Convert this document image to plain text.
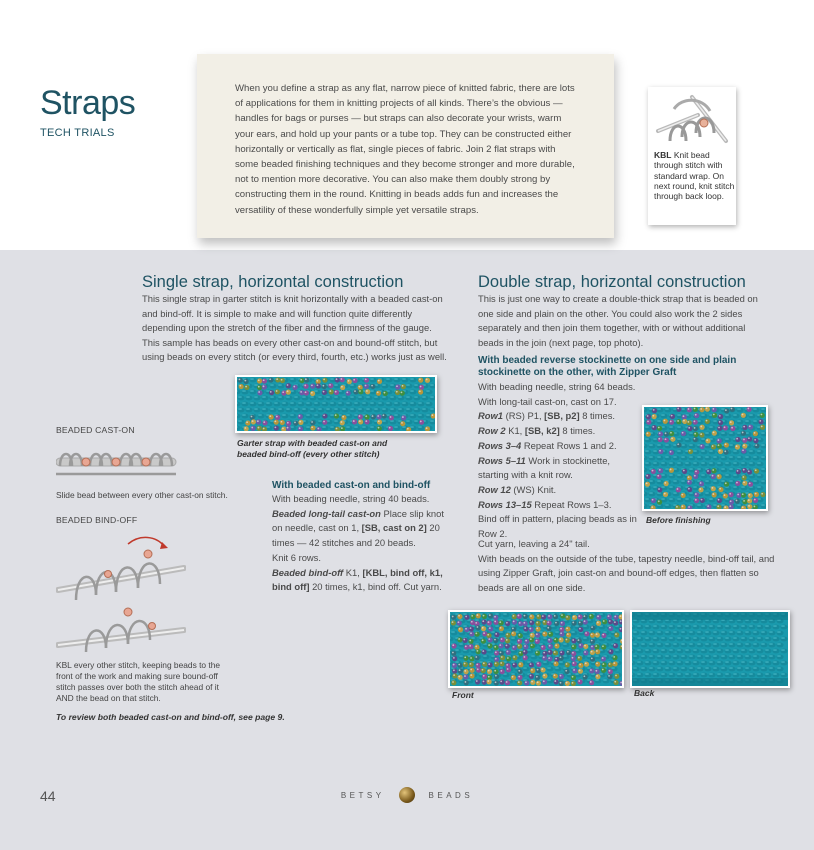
Straps
TECH TRIALS
When you define a strap as any flat, narrow piece of knitted fabric, there are lots of applications for them in knitting projects of all kinds. There’s the obvious — handles for bags or purses — but straps can also decorate your wrists, warm your ears, and hold up your pants or a tube top. They can be constructed either horizontally or vertically as flat, single pieces of fabric. Join 2 flat straps with some beaded finishing techniques and they become stronger and more durable, not to mention more decorative. You can also make them doubly strong by constructing them in the round. Knitting in beads adds fun and increases the versatility of these wonderfully simple yet versatile straps.
KBL Knit bead through stitch with standard wrap. On next round, knit stitch through back loop.
Single strap, horizontal construction
This single strap in garter stitch is knit horizontally with a beaded cast-on and bind-off. It is simple to make and will function quite differently depending upon the stretch of the fiber and the firmness of the gauge. This sample has beads on every other cast-on and bound-off stitch, but using beads on every stitch (or every third, fourth, etc.) works just as well.
Garter strap with beaded cast-on and beaded bind-off (every other stitch)
With beaded cast-on and bind-off
With beading needle, string 40 beads.
Beaded long-tail cast-on Place slip knot on needle, cast on 1, [SB, cast on 2] 20 times — 42 stitches and 20 beads.
Knit 6 rows.
Beaded bind-off K1, [KBL, bind off, k1, bind off] 20 times, k1, bind off. Cut yarn.
BEADED CAST-ON
Slide bead between every other cast-on stitch.
BEADED BIND-OFF
KBL every other stitch, keeping beads to the front of the work and making sure bound-off stitch passes over both the stitch ahead of it AND the bead on that stitch.
To review both beaded cast-on and bind-off, see page 9.
Double strap, horizontal construction
This is just one way to create a double-thick strap that is beaded on one side and plain on the other. You could also work the 2 sides separately and then join them together, with or without additional beads in the join (next page, top photo).
With beaded reverse stockinette on one side and plain stockinette on the other, with Zipper Graft
With beading needle, string 64 beads.
With long-tail cast-on, cast on 17.
Row1 (RS) P1, [SB, p2] 8 times.
Row 2 K1, [SB, k2] 8 times.
Rows 3–4 Repeat Rows 1 and 2.
Rows 5–11 Work in stockinette, starting with a knit row.
Row 12 (WS) Knit.
Rows 13–15 Repeat Rows 1–3.
Bind off in pattern, placing beads as in Row 2.
Cut yarn, leaving a 24" tail.
With beads on the outside of the tube, tapestry needle, bind-off tail, and using Zipper Graft, join cast-on and bound-off edges, then flatten so beads are all on one side.
Before finishing
Front	Back
44	BETSY	BEADS
